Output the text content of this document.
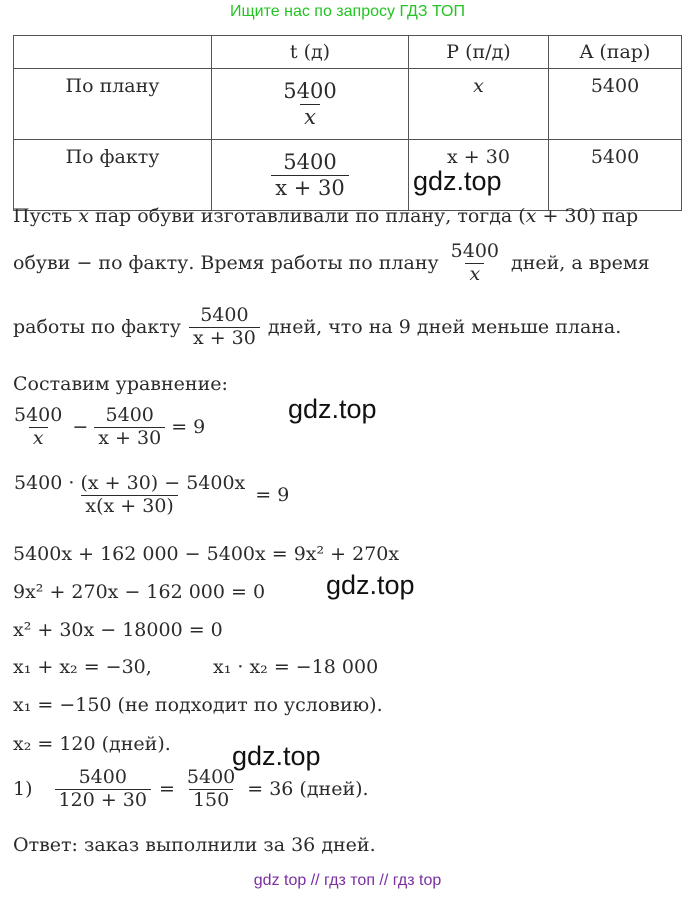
Ищите нас по запросу ГДЗ ТОП
	t (д)	P (п/д)	A (пар)
По плану	$\frac{5400}{x}$	x	5400
По факту	$\frac{5400}{x + 30}$	x + 30	5400
gdz.top
gdz.top
gdz.top
gdz.top
Пусть x пар обуви изготавливали по плану, тогда (x + 30) пар
обуви − по факту. Время работы по плану $\frac{5400}{x}$ дней, а время
работы по факту $\frac{5400}{x + 30}$ дней, что на 9 дней меньше плана.
Составим уравнение:
$\frac{5400}{x} - \frac{5400}{x + 30} = 9$
$\frac{5400 \cdot (x + 30) - 5400x}{x(x + 30)} = 9$
5400x + 162 000 − 5400x = 9x² + 270x
9x² + 270x − 162 000 = 0
x² + 30x − 18000 = 0
x₁ + x₂ = −30,	x₁ · x₂ = −18 000
x₁ = −150 (не подходит по условию).
x₂ = 120 (дней).
$1) \frac{5400}{120 + 30} = \frac{5400}{150} = 36$ (дней).
Ответ: заказ выполнили за 36 дней.
gdz top // гдз топ // гдз top
